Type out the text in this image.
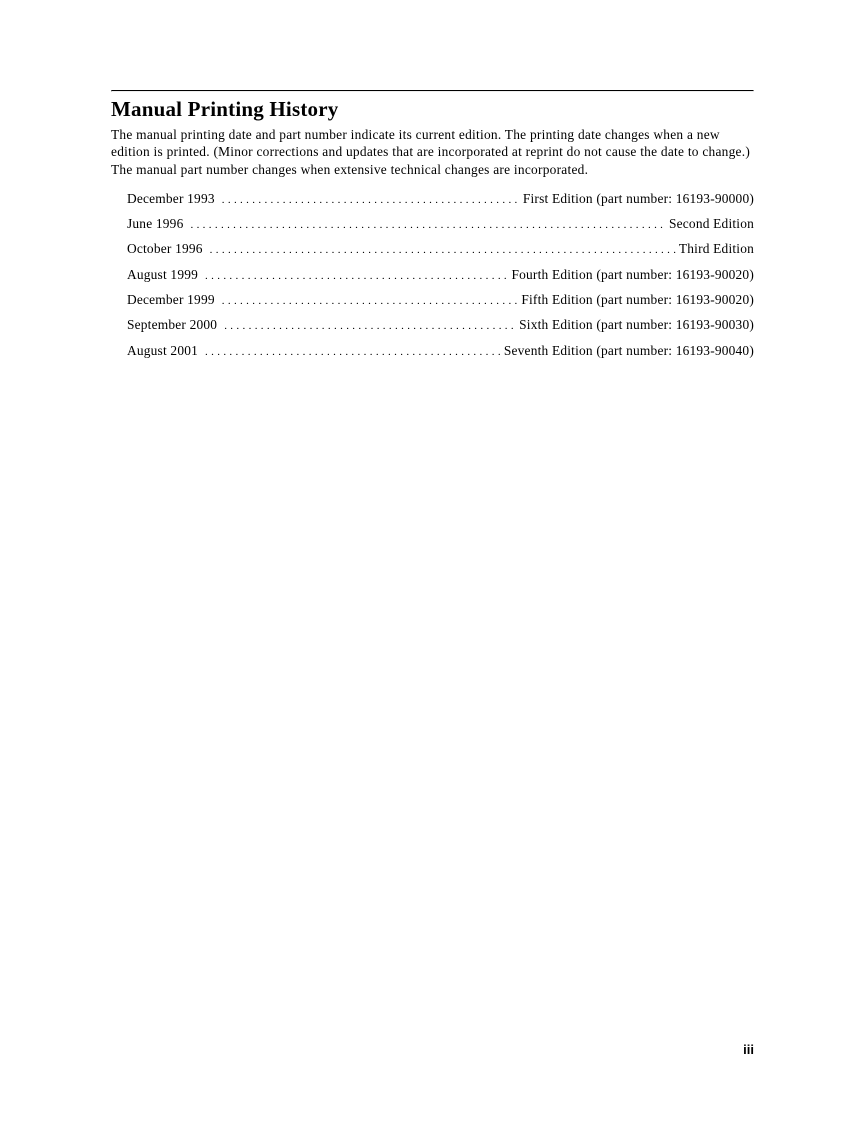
Manual Printing History

The manual printing date and part number indicate its current edition. The printing date changes when a new edition is printed. (Minor corrections and updates that are incorporated at reprint do not cause the date to change.) The manual part number changes when extensive technical changes are incorporated.

December 1993 . . .	First Edition (part number: 16193-90000)
June 1996 . . .	Second Edition
October 1996 . . .	Third Edition
August 1999 . . .	Fourth Edition (part number: 16193-90020)
December 1999 . . .	Fifth Edition (part number: 16193-90020)
September 2000 . . .	Sixth Edition (part number: 16193-90030)
August 2001 . . .	Seventh Edition (part number: 16193-90040)
iii
